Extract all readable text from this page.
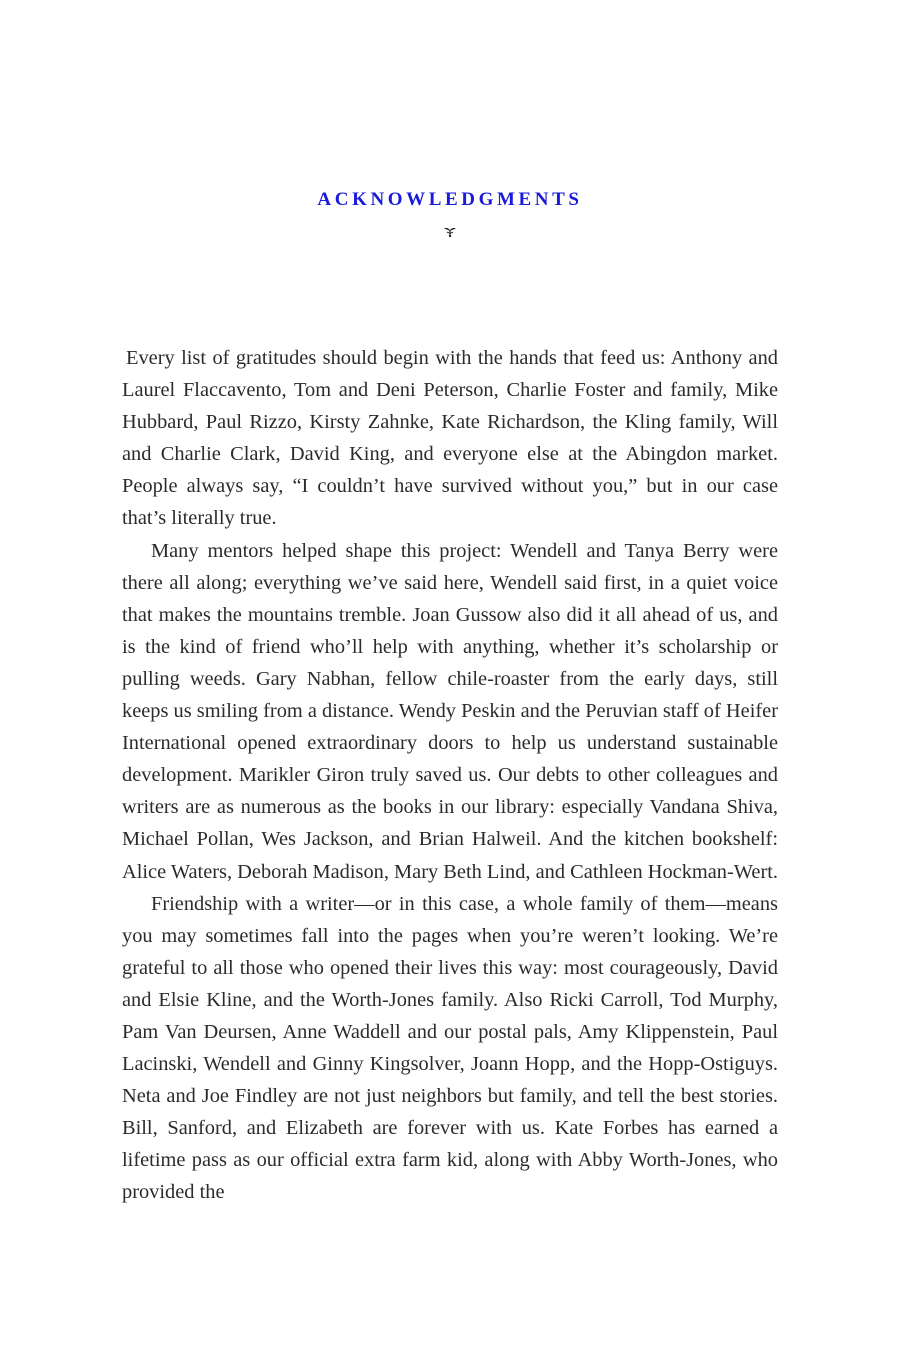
ACKNOWLEDGMENTS

Every list of gratitudes should begin with the hands that feed us: Anthony and Laurel Flaccavento, Tom and Deni Peterson, Charlie Foster and family, Mike Hubbard, Paul Rizzo, Kirsty Zahnke, Kate Richardson, the Kling family, Will and Charlie Clark, David King, and everyone else at the Abingdon market. People always say, “I couldn’t have survived without you,” but in our case that’s literally true.

Many mentors helped shape this project: Wendell and Tanya Berry were there all along; everything we’ve said here, Wendell said first, in a quiet voice that makes the mountains tremble. Joan Gussow also did it all ahead of us, and is the kind of friend who’ll help with anything, whether it’s scholarship or pulling weeds. Gary Nabhan, fellow chile-roaster from the early days, still keeps us smiling from a distance. Wendy Peskin and the Peruvian staff of Heifer International opened extraordinary doors to help us understand sustainable development. Marikler Giron truly saved us. Our debts to other colleagues and writers are as numerous as the books in our library: especially Vandana Shiva, Michael Pollan, Wes Jackson, and Brian Halweil. And the kitchen bookshelf: Alice Waters, Deborah Madison, Mary Beth Lind, and Cathleen Hockman-Wert.

Friendship with a writer—or in this case, a whole family of them—means you may sometimes fall into the pages when you’re weren’t looking. We’re grateful to all those who opened their lives this way: most courageously, David and Elsie Kline, and the Worth-Jones family. Also Ricki Carroll, Tod Murphy, Pam Van Deursen, Anne Waddell and our postal pals, Amy Klippenstein, Paul Lacinski, Wendell and Ginny Kingsolver, Joann Hopp, and the Hopp-Ostiguys. Neta and Joe Findley are not just neighbors but family, and tell the best stories. Bill, Sanford, and Elizabeth are forever with us. Kate Forbes has earned a lifetime pass as our official extra farm kid, along with Abby Worth-Jones, who provided the
